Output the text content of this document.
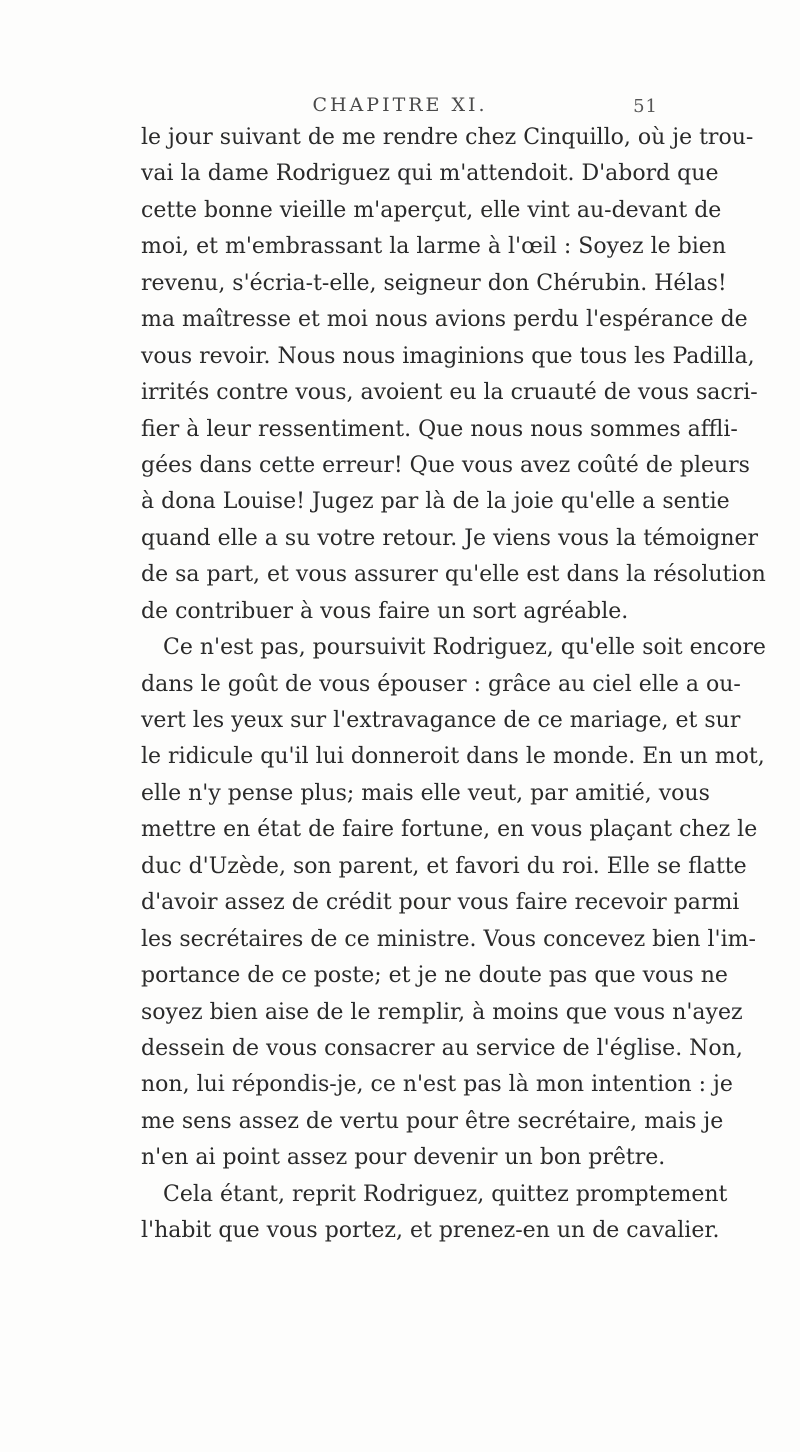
CHAPITRE XI.	51
le jour suivant de me rendre chez Cinquillo, où je trou-
vai la dame Rodriguez qui m'attendoit. D'abord que
cette bonne vieille m'aperçut, elle vint au-devant de
moi, et m'embrassant la larme à l'œil : Soyez le bien
revenu, s'écria-t-elle, seigneur don Chérubin. Hélas!
ma maîtresse et moi nous avions perdu l'espérance de
vous revoir. Nous nous imaginions que tous les Padilla,
irrités contre vous, avoient eu la cruauté de vous sacri-
fier à leur ressentiment. Que nous nous sommes affli-
gées dans cette erreur! Que vous avez coûté de pleurs
à dona Louise! Jugez par là de la joie qu'elle a sentie
quand elle a su votre retour. Je viens vous la témoigner
de sa part, et vous assurer qu'elle est dans la résolution
de contribuer à vous faire un sort agréable.
Ce n'est pas, poursuivit Rodriguez, qu'elle soit encore
dans le goût de vous épouser : grâce au ciel elle a ou-
vert les yeux sur l'extravagance de ce mariage, et sur
le ridicule qu'il lui donneroit dans le monde. En un mot,
elle n'y pense plus; mais elle veut, par amitié, vous
mettre en état de faire fortune, en vous plaçant chez le
duc d'Uzède, son parent, et favori du roi. Elle se flatte
d'avoir assez de crédit pour vous faire recevoir parmi
les secrétaires de ce ministre. Vous concevez bien l'im-
portance de ce poste; et je ne doute pas que vous ne
soyez bien aise de le remplir, à moins que vous n'ayez
dessein de vous consacrer au service de l'église. Non,
non, lui répondis-je, ce n'est pas là mon intention : je
me sens assez de vertu pour être secrétaire, mais je
n'en ai point assez pour devenir un bon prêtre.
Cela étant, reprit Rodriguez, quittez promptement
l'habit que vous portez, et prenez-en un de cavalier.
